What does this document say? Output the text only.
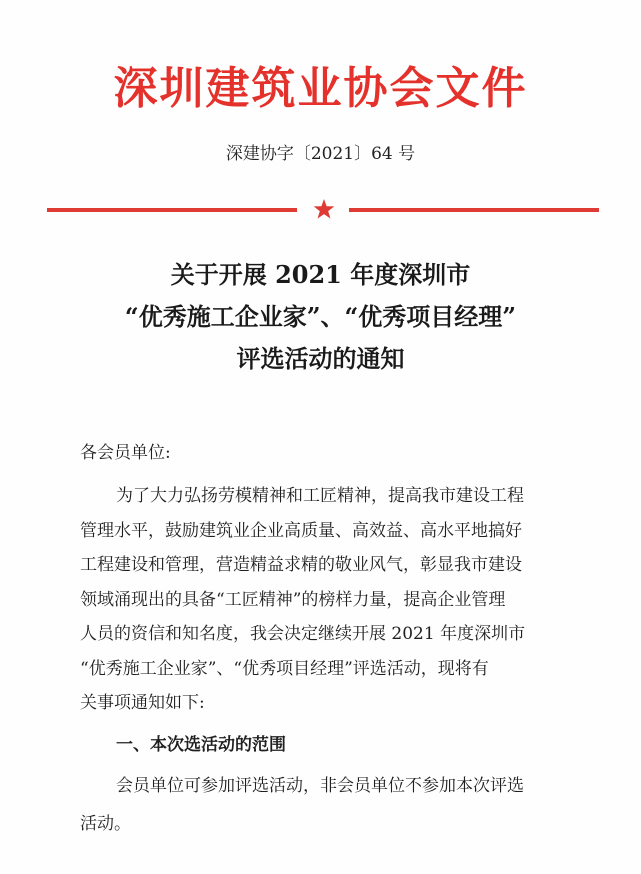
深圳建筑业协会文件
深建协字〔2021〕64 号
关于开展 2021 年度深圳市
“优秀施工企业家”、“优秀项目经理”
评选活动的通知
各会员单位:
为了大力弘扬劳模精神和工匠精神，提高我市建设工程
管理水平，鼓励建筑业企业高质量、高效益、高水平地搞好
工程建设和管理，营造精益求精的敬业风气，彰显我市建设
领域涌现出的具备“工匠精神”的榜样力量，提高企业管理
人员的资信和知名度，我会决定继续开展 2021 年度深圳市
“优秀施工企业家”、“优秀项目经理”评选活动，现将有
关事项通知如下:
一、本次选活动的范围
会员单位可参加评选活动，非会员单位不参加本次评选
活动。
